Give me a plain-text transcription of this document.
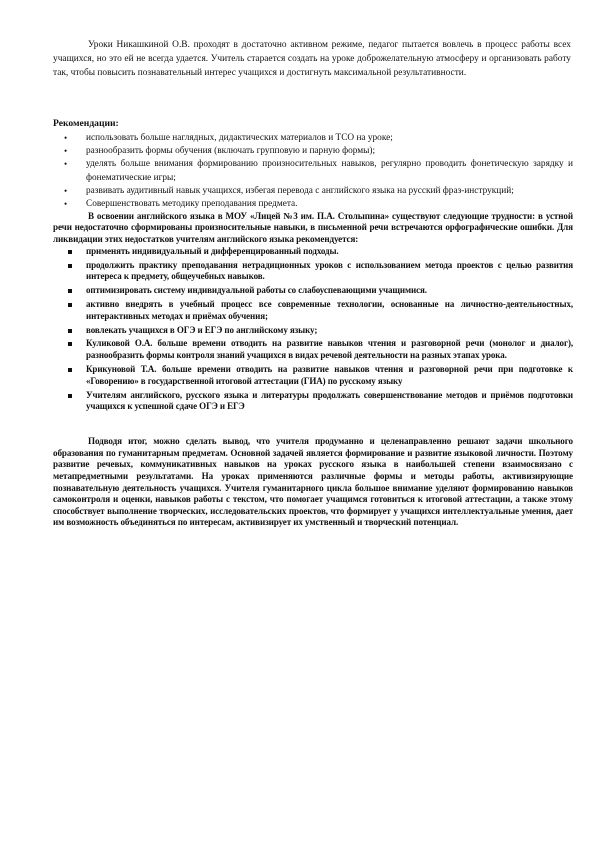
Уроки Никашкиной О.В. проходят в достаточно активном режиме, педагог пытается вовлечь в процесс работы всех учащихся, но это ей не всегда удается. Учитель старается создать на уроке доброжелательную атмосферу и организовать работу так, чтобы повысить познавательный интерес учащихся и достигнуть максимальной результативности.

Рекомендации:

• использовать больше наглядных, дидактических материалов и ТСО на уроке;
• разнообразить формы обучения (включать групповую и парную формы);
• уделять больше внимания формированию произносительных навыков, регулярно проводить фонетическую зарядку и фонематические игры;
• развивать аудитивный навык учащихся, избегая перевода с английского языка на русский фраз-инструкций;
• Совершенствовать методику преподавания предмета.

В освоении английского языка в МОУ «Лицей №3 им. П.А. Столыпина» существуют следующие трудности: в устной речи недостаточно сформированы произносительные навыки, в письменной речи встречаются орфографические ошибки. Для ликвидации этих недостатков учителям английского языка рекомендуется:

применять индивидуальный и дифференцированный подходы.
продолжить практику преподавания нетрадиционных уроков с использованием метода проектов с целью развития интереса к предмету, общеучебных навыков.
оптимизировать систему индивидуальной работы со слабоуспевающими учащимися.
активно внедрять в учебный процесс все современные технологии, основанные на личностно-деятельностных, интерактивных методах и приёмах обучения;
вовлекать учащихся в ОГЭ и ЕГЭ по английскому языку;
Куликовой О.А. больше времени отводить на развитие навыков чтения и разговорной речи (монолог и диалог), разнообразить формы контроля знаний учащихся в видах речевой деятельности на разных этапах урока.
Крикуновой Т.А. больше времени отводить на развитие навыков чтения и разговорной речи при подготовке к «Говорению» в государственной итоговой аттестации (ГИА) по русскому языку
Учителям английского, русского языка и литературы продолжать совершенствование методов и приёмов подготовки учащихся к успешной сдаче ОГЭ и ЕГЭ

Подводя итог, можно сделать вывод, что учителя продуманно и целенаправленно решают задачи школьного образования по гуманитарным предметам. Основной задачей является формирование и развитие языковой личности. Поэтому развитие речевых, коммуникативных навыков на уроках русского языка в наибольшей степени взаимосвязано с метапредметными результатами. На уроках применяются различные формы и методы работы, активизирующие познавательную деятельность учащихся. Учителя гуманитарного цикла большое внимание уделяют формированию навыков самоконтроля и оценки, навыков работы с текстом, что помогает учащимся готовиться к итоговой аттестации, а также этому способствует выполнение творческих, исследовательских проектов, что формирует у учащихся интеллектуальные умения, дает им возможность объединяться по интересам, активизирует их умственный и творческий потенциал.
